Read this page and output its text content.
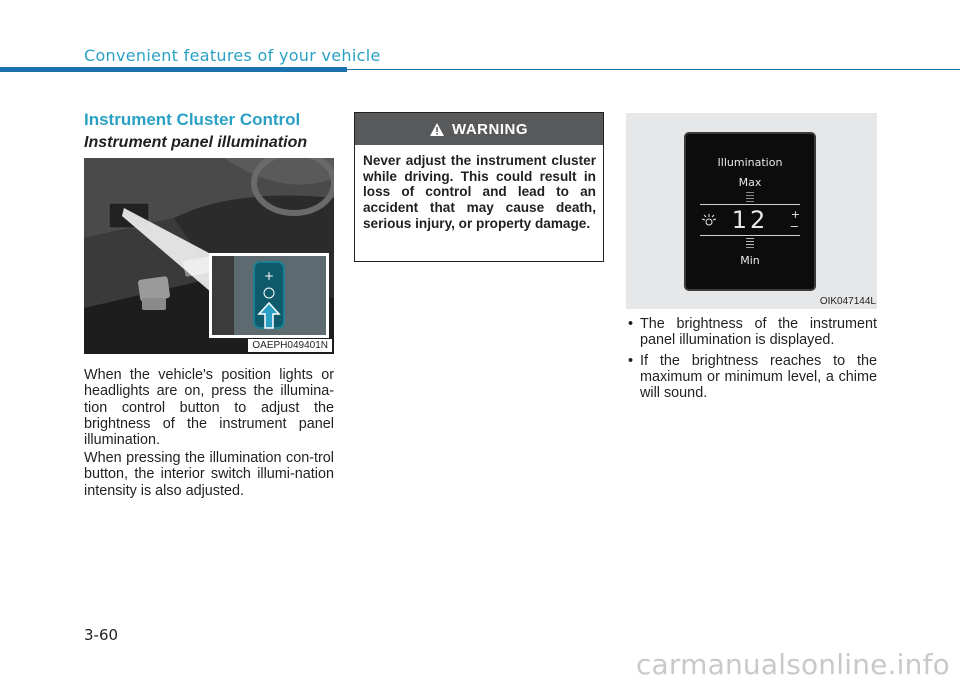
Convenient features of your vehicle
Instrument Cluster Control
Instrument panel illumination
+
OAEPH049401N
When the vehicle's position lights or headlights are on, press the illumina-tion control button to adjust the brightness of the instrument panel illumination.
When pressing the illumination con-trol button, the interior switch illumi-nation intensity is also adjusted.
WARNING
Never adjust the instrument cluster while driving. This could result in loss of control and lead to an accident that may cause death, serious injury, or property damage.
Illumination
Max
12	+
−
Min
OIK047144L
• The brightness of the instrument panel illumination is displayed.
• If the brightness reaches to the maximum or minimum level, a chime will sound.
3-60
carmanualsonline.info
